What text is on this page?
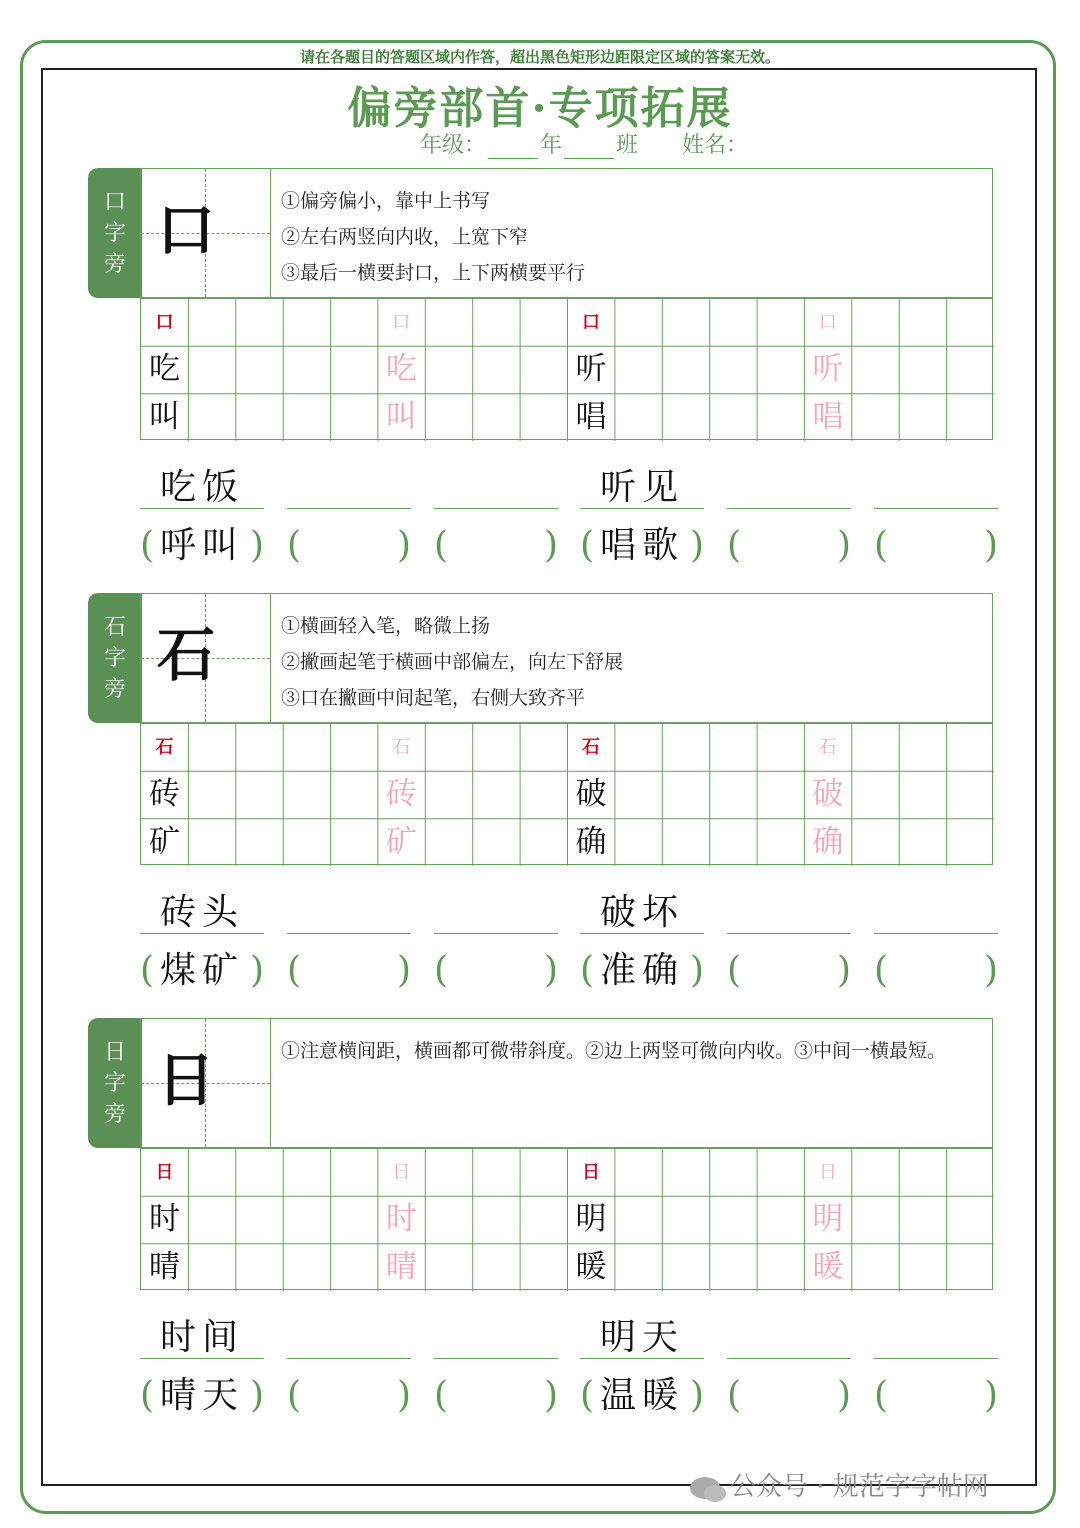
请在各题目的答题区域内作答，超出黑色矩形边距限定区域的答案无效。
偏旁部首·专项拓展
年级： 年 班 姓名：
口
字
旁 口	①偏旁偏小，靠中上书写
②左右两竖向内收，上宽下窄
③最后一横要封口，上下两横要平行
口	口	口	口
吃	吃	听	听
叫	叫	唱	唱
吃饭	听见
( 呼叫 ) (	) (	) ( 唱歌 ) (	) (	)
石
字
旁 石	①横画轻入笔，略微上扬
②撇画起笔于横画中部偏左，向左下舒展
③口在撇画中间起笔，右侧大致齐平
石	石	石	石
砖	砖	破	破
矿	矿	确	确
砖头	破坏
( 煤矿 ) (	) (	) ( 准确 ) (	) (	)
日
字
旁 日	①注意横间距，横画都可微带斜度。②边上两竖可微向内收。③中间一横最短。
日	日	日	日
时	时	明	明
晴	晴	暖	暖
时间	明天
( 晴天 ) (	) (	) ( 温暖 ) (	) (	)
公众号 · 规范字字帖网
